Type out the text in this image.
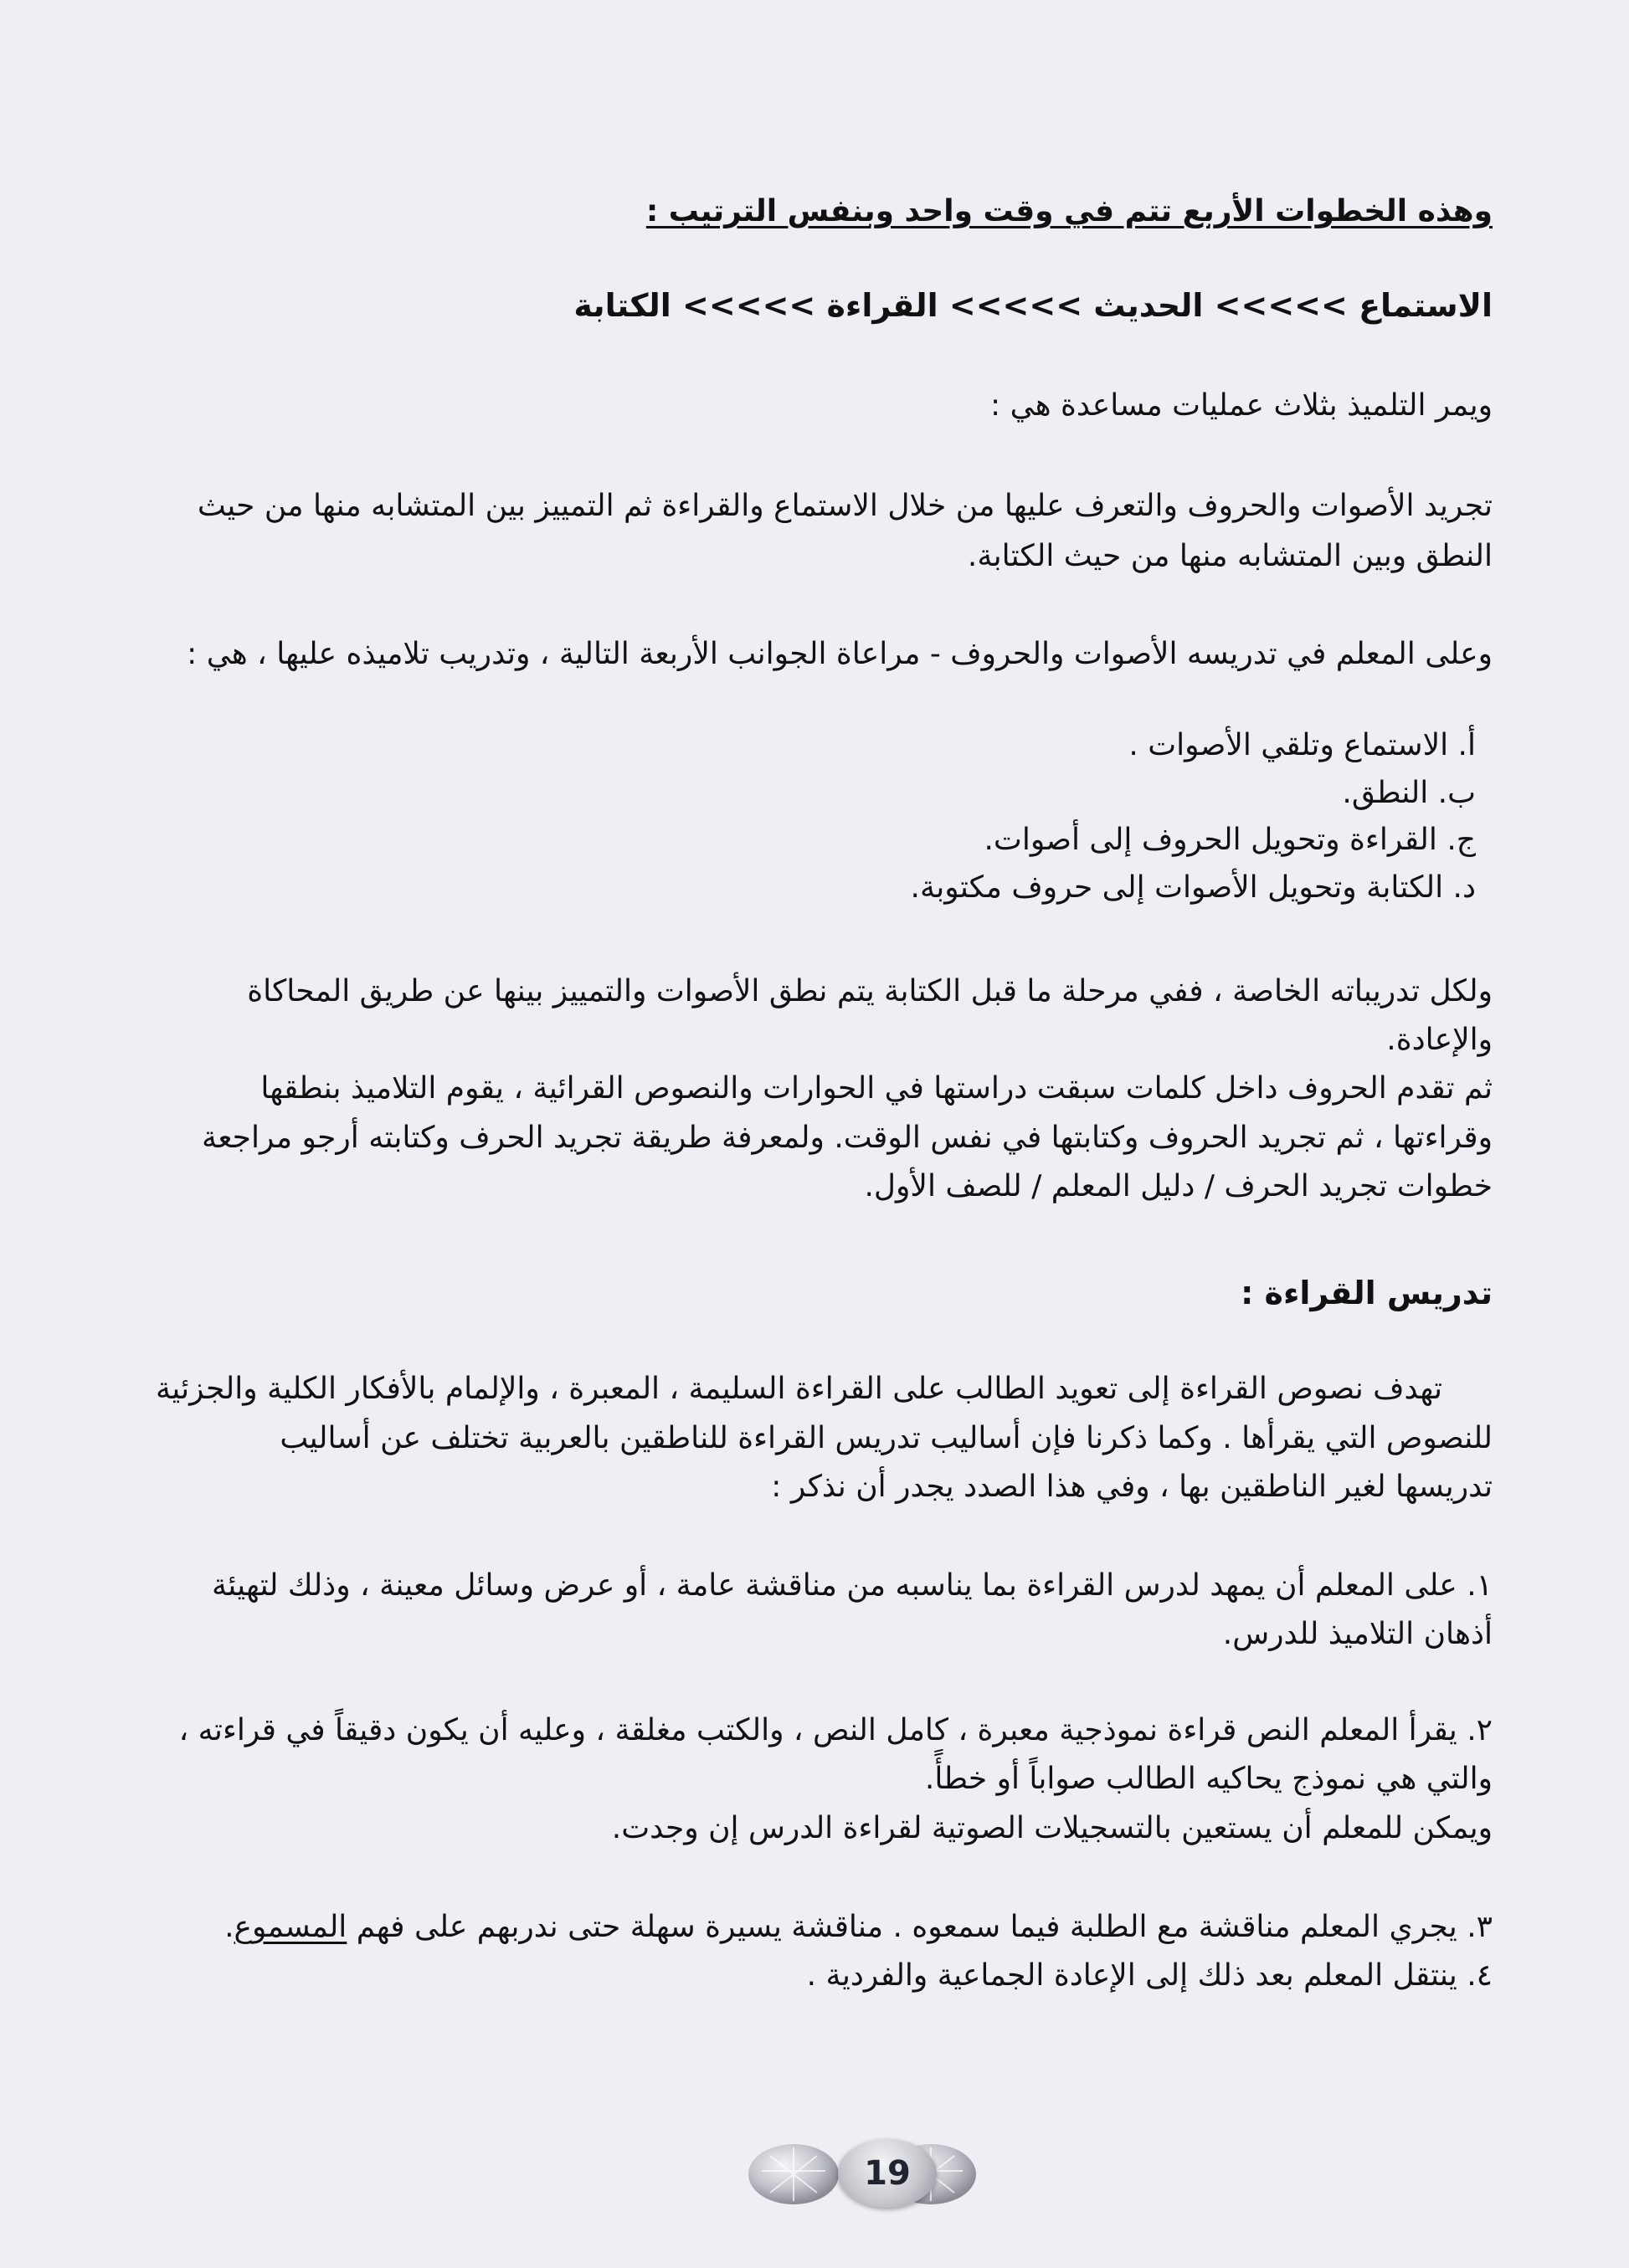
وهذه الخطوات الأربع تتم في وقت واحد وبنفس الترتيب :
الاستماع >>>>> الحديث >>>>> القراءة >>>>> الكتابة
ويمر التلميذ بثلاث عمليات مساعدة هي :
تجريد الأصوات والحروف والتعرف عليها من خلال الاستماع والقراءة ثم التمييز بين المتشابه منها من حيث
النطق وبين المتشابه منها من حيث الكتابة.
وعلى المعلم في تدريسه الأصوات والحروف - مراعاة الجوانب الأربعة التالية ، وتدريب تلاميذه عليها ، هي :
أ. الاستماع وتلقي الأصوات .
ب. النطق.
ج. القراءة وتحويل الحروف إلى أصوات.
د. الكتابة وتحويل الأصوات إلى حروف مكتوبة.
ولكل تدريباته الخاصة ، ففي مرحلة ما قبل الكتابة يتم نطق الأصوات والتمييز بينها عن طريق المحاكاة
والإعادة.
ثم تقدم الحروف داخل كلمات سبقت دراستها في الحوارات والنصوص القرائية ، يقوم التلاميذ بنطقها
وقراءتها ، ثم تجريد الحروف وكتابتها في نفس الوقت. ولمعرفة طريقة تجريد الحرف وكتابته أرجو مراجعة
خطوات تجريد الحرف / دليل المعلم / للصف الأول.
تدريس القراءة :
تهدف نصوص القراءة إلى تعويد الطالب على القراءة السليمة ، المعبرة ، والإلمام بالأفكار الكلية والجزئية
للنصوص التي يقرأها . وكما ذكرنا فإن أساليب تدريس القراءة للناطقين بالعربية تختلف عن أساليب
تدريسها لغير الناطقين بها ، وفي هذا الصدد يجدر أن نذكر :
١. على المعلم أن يمهد لدرس القراءة بما يناسبه من مناقشة عامة ، أو عرض وسائل معينة ، وذلك لتهيئة
أذهان التلاميذ للدرس.
٢. يقرأ المعلم النص قراءة نموذجية معبرة ، كامل النص ، والكتب مغلقة ، وعليه أن يكون دقيقاً في قراءته ،
والتي هي نموذج يحاكيه الطالب صواباً أو خطأً.
ويمكن للمعلم أن يستعين بالتسجيلات الصوتية لقراءة الدرس إن وجدت.
٣. يجري المعلم مناقشة مع الطلبة فيما سمعوه . مناقشة يسيرة سهلة حتى ندربهم على فهم المسموع.
٤. ينتقل المعلم بعد ذلك إلى الإعادة الجماعية والفردية .
19
